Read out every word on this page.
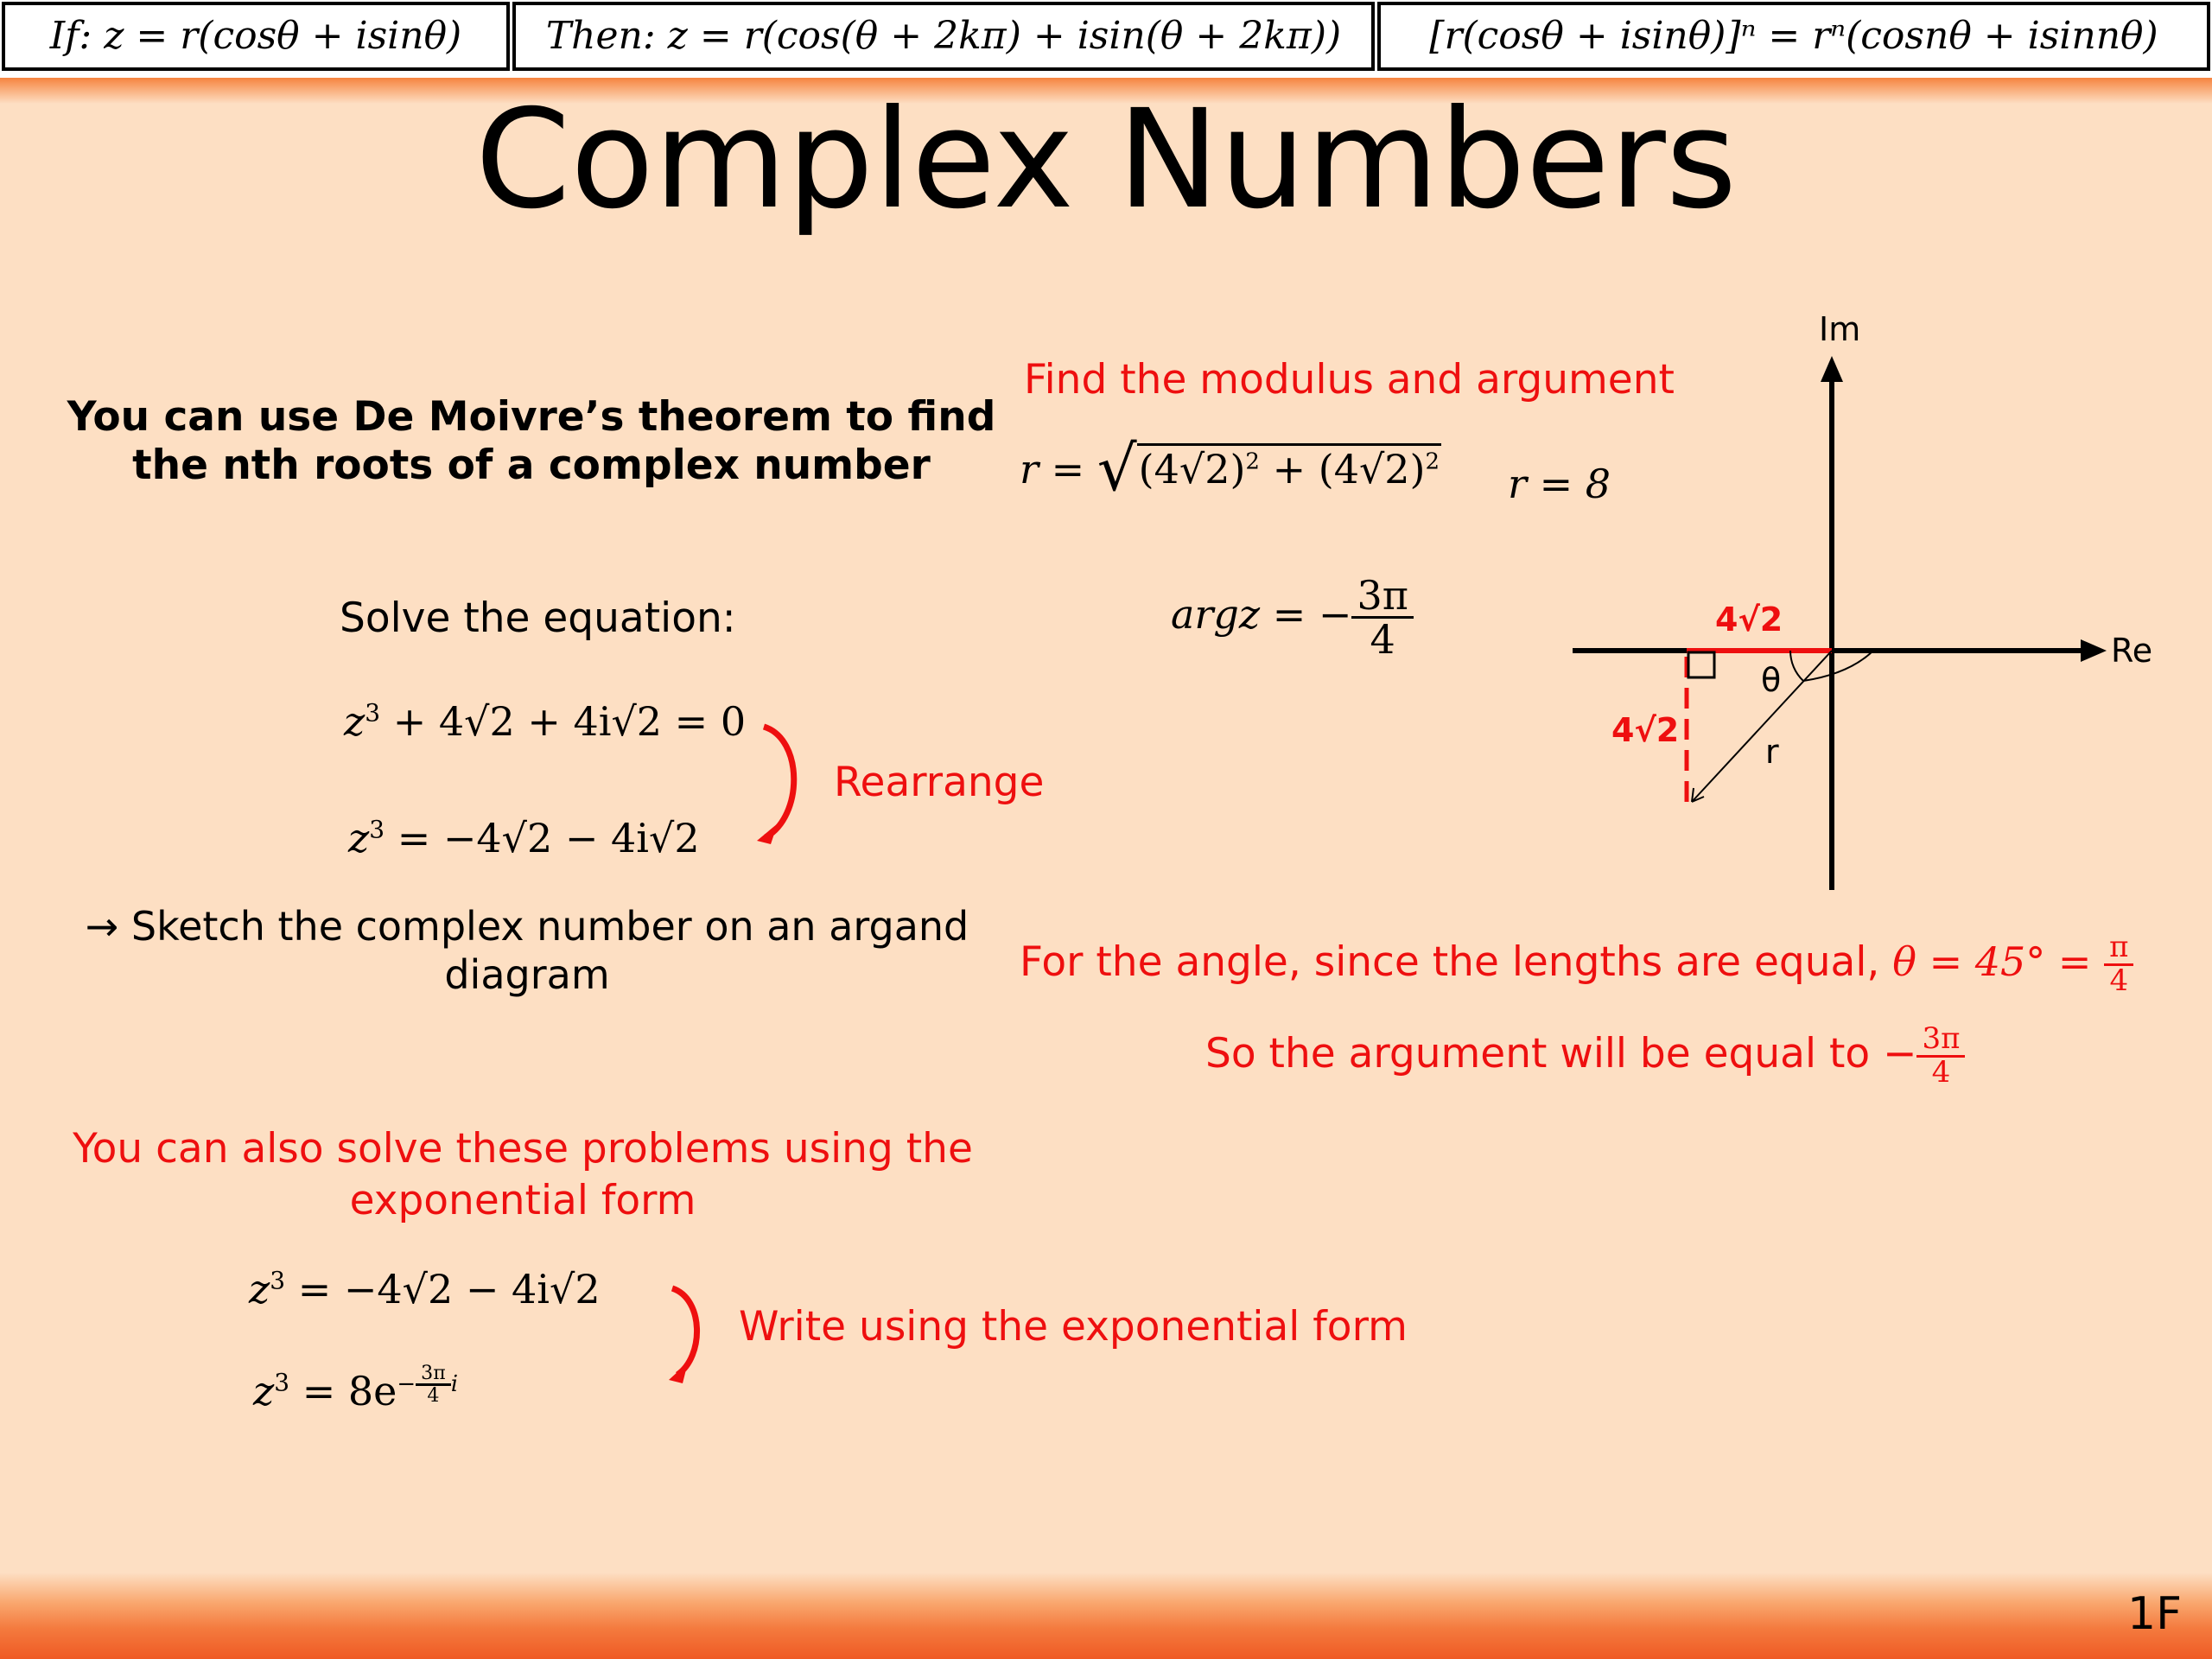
If: z = r(cosθ + isinθ)	Then: z = r(cos(θ + 2kπ) + isin(θ + 2kπ))	[r(cosθ + isinθ)]ⁿ = rⁿ(cosnθ + isinnθ)
Complex Numbers
You can use De Moivre’s theorem to find
the nth roots of a complex number
Solve the equation:
$z^3 + 4√2 + 4i√2 = 0$
$z^3 = -4√2 - 4i√2$
Rearrange
→ Sketch the complex number on an argand
diagram
You can also solve these problems using the
exponential form
$z^3 = -4√2 - 4i√2$
$z^3 = 8e^{- \frac{3\pi}{4} i}$
Write using the exponential form
Find the modulus and argument
$r = √(4√2)^2 + (4√2)^2$ r = 8
argz = − $\frac{3\pi}{4}$
Im
Re
4√2
4√2
θ
r
For the angle, since the lengths are equal, $\theta = 45^\circ = \frac{\pi}{4}$
So the argument will be equal to − $\frac{3\pi}{4}$
1F
